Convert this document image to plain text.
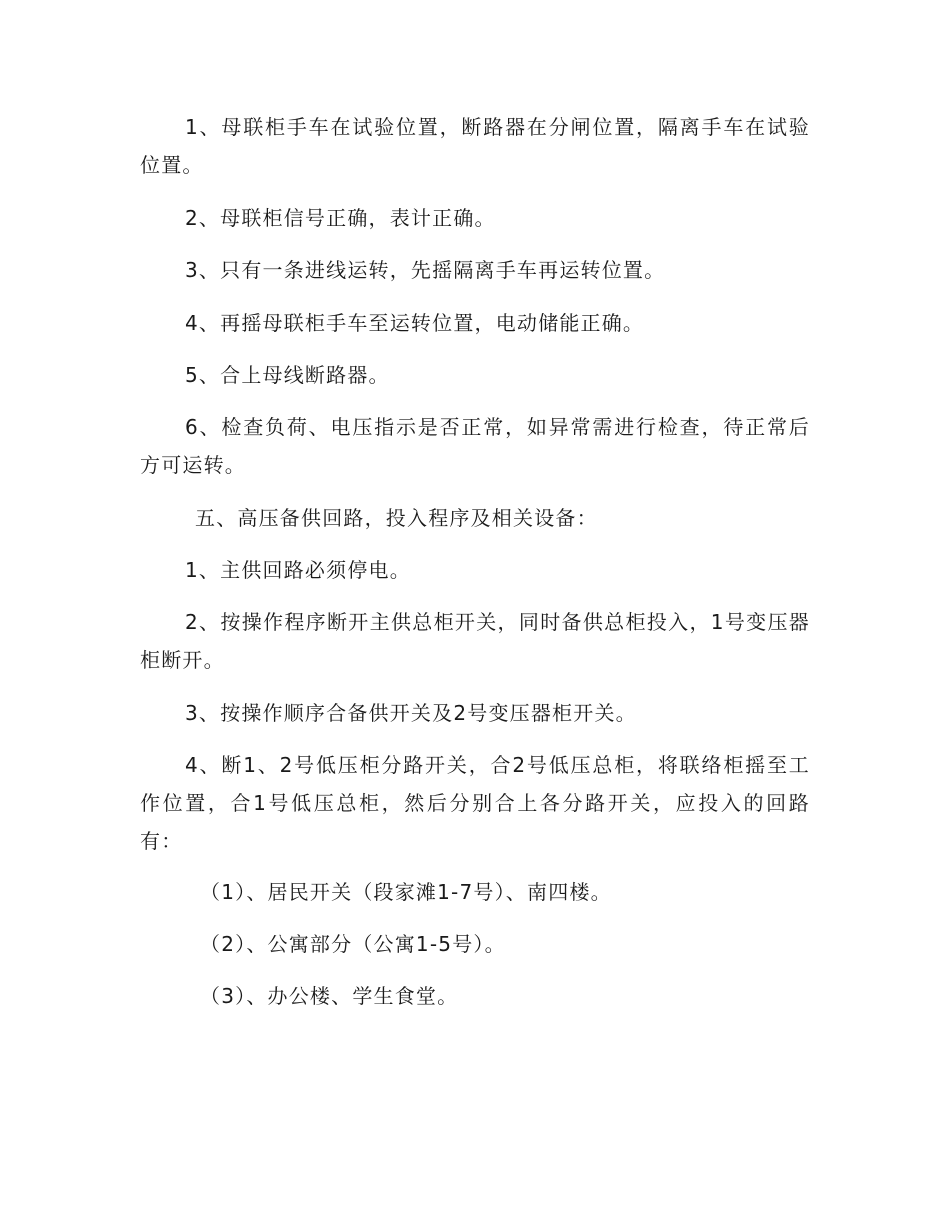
1、母联柜手车在试验位置，断路器在分闸位置，隔离手车在试验位置。

2、母联柜信号正确，表计正确。

3、只有一条进线运转，先摇隔离手车再运转位置。

4、再摇母联柜手车至运转位置，电动储能正确。

5、合上母线断路器。

6、检查负荷、电压指示是否正常，如异常需进行检查，待正常后方可运转。

五、高压备供回路，投入程序及相关设备：

1、主供回路必须停电。

2、按操作程序断开主供总柜开关，同时备供总柜投入，1号变压器柜断开。

3、按操作顺序合备供开关及2号变压器柜开关。

4、断1、2号低压柜分路开关，合2号低压总柜，将联络柜摇至工作位置，合1号低压总柜，然后分别合上各分路开关，应投入的回路有：

（1）、居民开关（段家滩1-7号）、南四楼。

（2）、公寓部分（公寓1-5号）。

（3）、办公楼、学生食堂。
